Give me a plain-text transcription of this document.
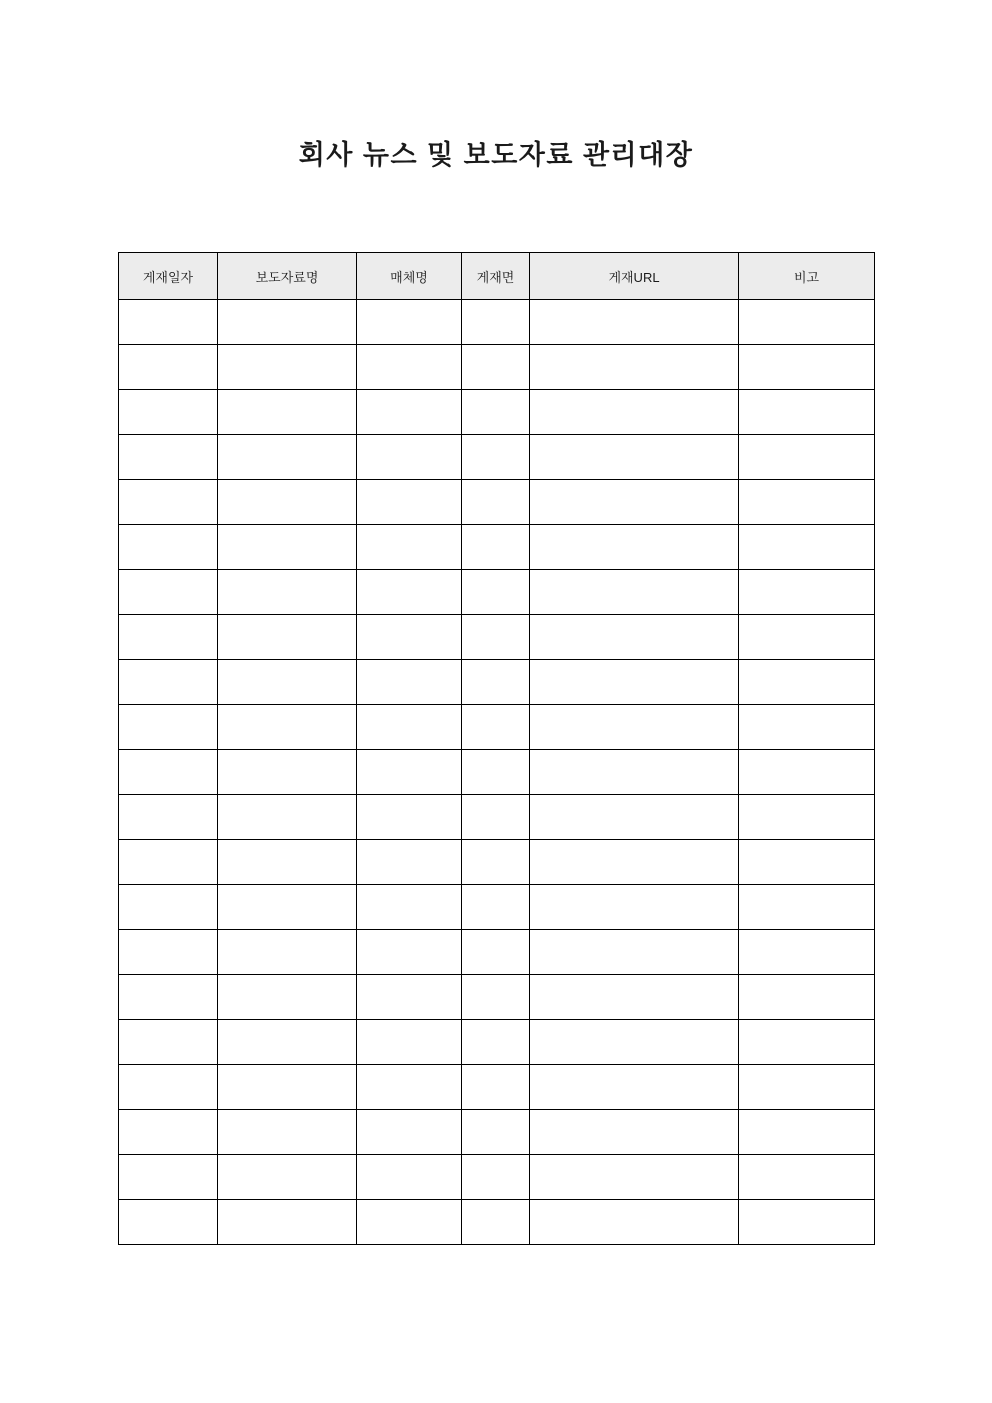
회사 뉴스 및 보도자료 관리대장
게재일자	보도자료명	매체명	게재면	게재URL	비고
